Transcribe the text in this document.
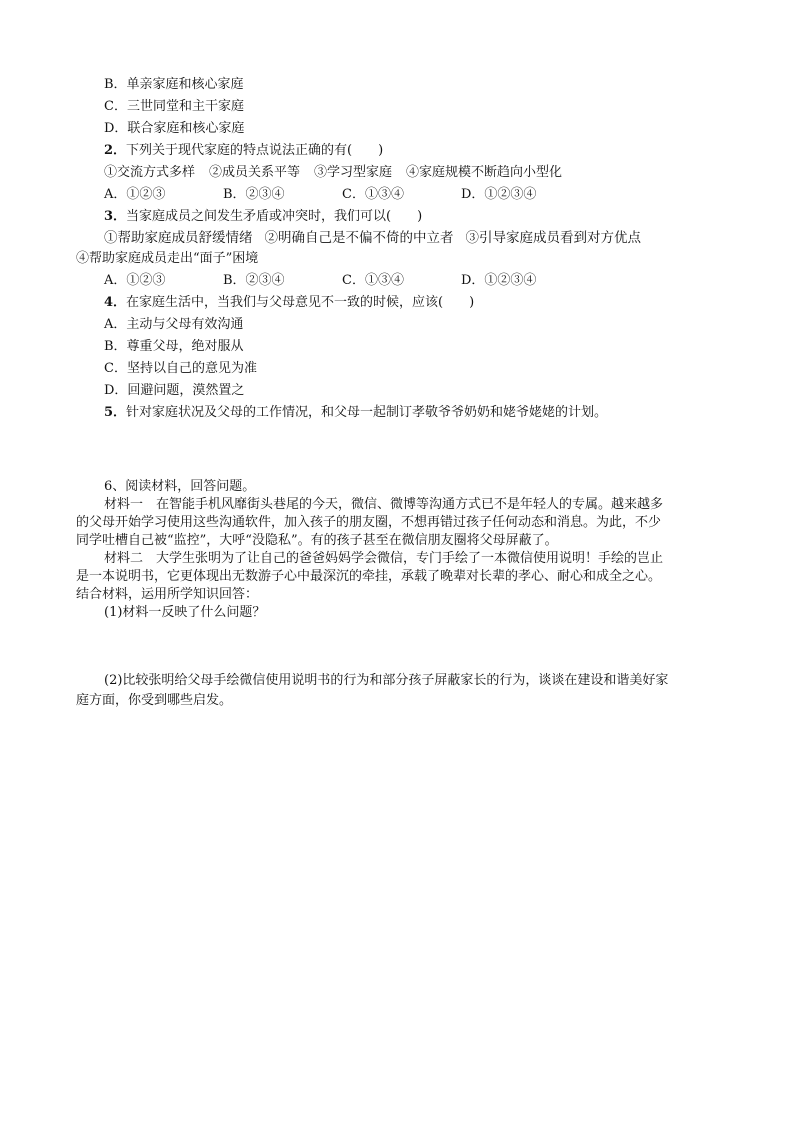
B．单亲家庭和核心家庭
C．三世同堂和主干家庭
D．联合家庭和核心家庭
2．下列关于现代家庭的特点说法正确的有(　　)
①交流方式多样 ②成员关系平等 ③学习型家庭 ④家庭规模不断趋向小型化
A．①②③	B．②③④	C．①③④	D．①②③④
3．当家庭成员之间发生矛盾或冲突时，我们可以(　　)
①帮助家庭成员舒缓情绪 ②明确自己是不偏不倚的中立者 ③引导家庭成员看到对方优点
④帮助家庭成员走出“面子”困境
A．①②③	B．②③④	C．①③④	D．①②③④
4．在家庭生活中，当我们与父母意见不一致的时候，应该(　　)
A．主动与父母有效沟通
B．尊重父母，绝对服从
C．坚持以自己的意见为准
D．回避问题，漠然置之
5．针对家庭状况及父母的工作情况，和父母一起制订孝敬爷爷奶奶和姥爷姥姥的计划。
6、阅读材料，回答问题。
材料一　在智能手机风靡街头巷尾的今天，微信、微博等沟通方式已不是年轻人的专属。越来越多
的父母开始学习使用这些沟通软件，加入孩子的朋友圈，不想再错过孩子任何动态和消息。为此，不少
同学吐槽自己被“监控”，大呼“没隐私”。有的孩子甚至在微信朋友圈将父母屏蔽了。
材料二　大学生张明为了让自己的爸爸妈妈学会微信，专门手绘了一本微信使用说明！手绘的岂止
是一本说明书，它更体现出无数游子心中最深沉的牵挂，承载了晚辈对长辈的孝心、耐心和成全之心。
结合材料，运用所学知识回答：
(1)材料一反映了什么问题？
(2)比较张明给父母手绘微信使用说明书的行为和部分孩子屏蔽家长的行为，谈谈在建设和谐美好家
庭方面，你受到哪些启发。
